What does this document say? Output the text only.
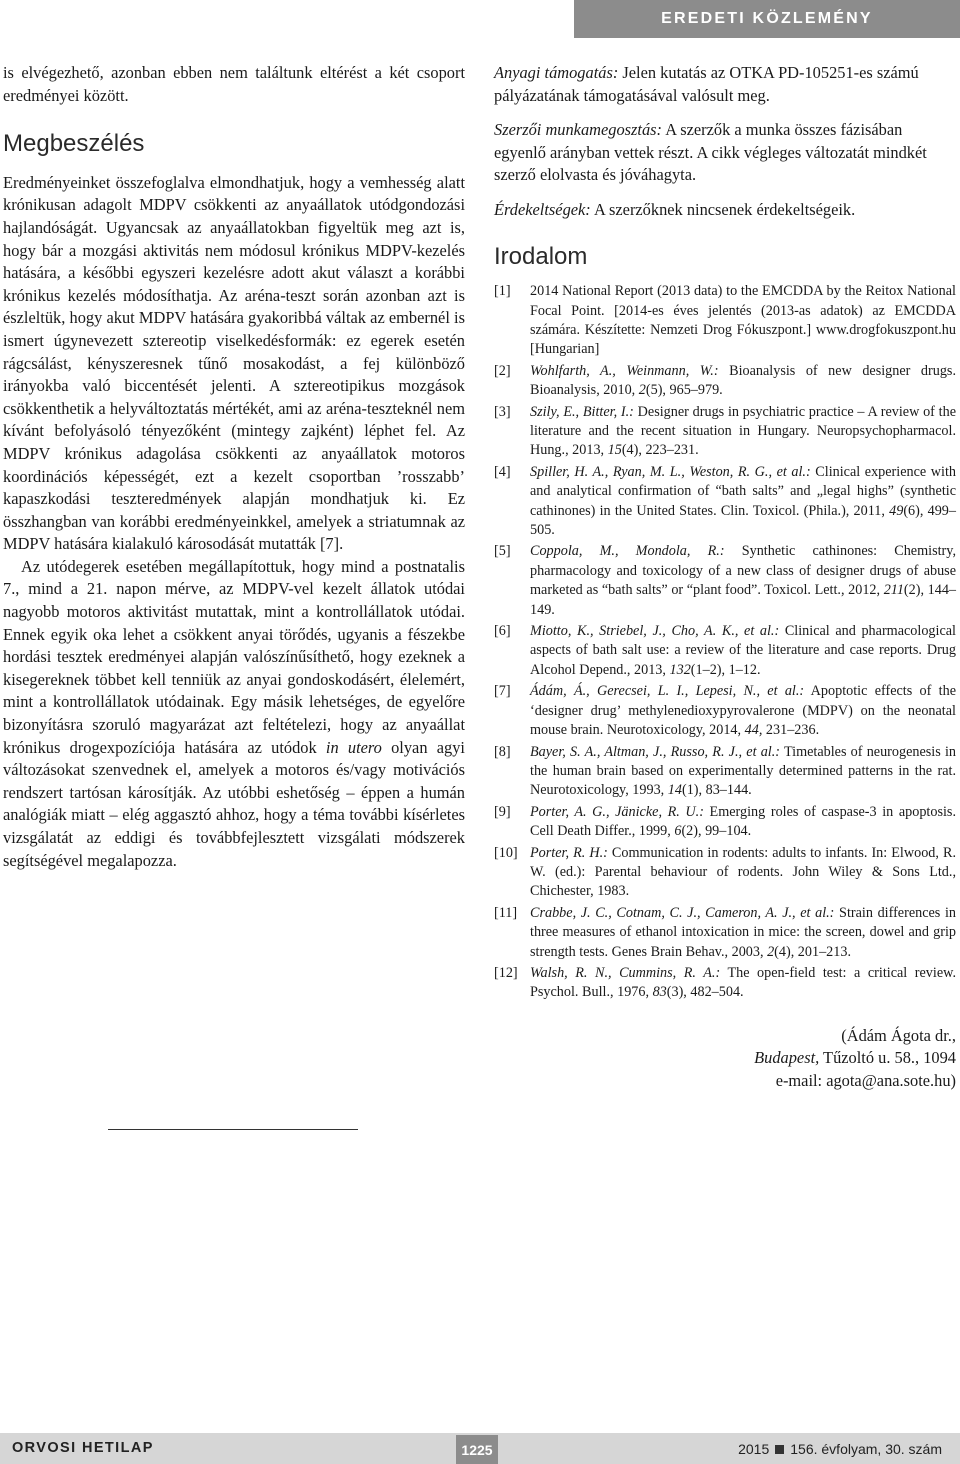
EREDETI KÖZLEMÉNY

is elvégezhető, azonban ebben nem találtunk eltérést a két csoport eredményei között.

Megbeszélés

Eredményeinket összefoglalva elmondhatjuk, hogy a vemhesség alatt krónikusan adagolt MDPV csökkenti az anyaállatok utódgondozási hajlandóságát. Ugyancsak az anyaállatokban figyeltük meg azt is, hogy bár a mozgási aktivitás nem módosul krónikus MDPV-kezelés hatására, a későbbi egyszeri kezelésre adott akut választ a korábbi krónikus kezelés módosíthatja. Az aréna-teszt során azonban azt is észleltük, hogy akut MDPV hatására gyakoribbá váltak az embernél is ismert úgynevezett sztereotip viselkedésformák: ez egerek esetén rágcsálást, kényszeresnek tűnő mosakodást, a fej különböző irányokba való biccentését jelenti. A sztereotipikus mozgások csökkenthetik a helyváltoztatás mértékét, ami az aréna-teszteknél nem kívánt befolyásoló tényezőként (mintegy zajként) léphet fel. Az MDPV krónikus adagolása csökkenti az anyaállatok motoros koordinációs képességét, ezt a kezelt csoportban ’rosszabb’ kapaszkodási teszteredmények alapján mondhatjuk ki. Ez összhangban van korábbi eredményeinkkel, amelyek a striatumnak az MDPV hatására kialakuló károsodását mutatták [7].

Az utódegerek esetében megállapítottuk, hogy mind a postnatalis 7., mind a 21. napon mérve, az MDPV-vel kezelt állatok utódai nagyobb motoros aktivitást mutattak, mint a kontrollállatok utódai. Ennek egyik oka lehet a csökkent anyai törődés, ugyanis a fészekbe hordási tesztek eredményei alapján valószínűsíthető, hogy ezeknek a kisegereknek többet kell tenniük az anyai gondoskodásért, élelemért, mint a kontrollállatok utódainak. Egy másik lehetséges, de egyelőre bizonyításra szoruló magyarázat azt feltételezi, hogy az anyaállat krónikus drogexpozíciója hatására az utódok in utero olyan agyi változásokat szenvednek el, amelyek a motoros és/vagy motivációs rendszert tartósan károsítják. Az utóbbi eshetőség – éppen a humán analógiák miatt – elég aggasztó ahhoz, hogy a téma további kísérletes vizsgálatát az eddigi és továbbfejlesztett vizsgálati módszerek segítségével megalapozza.

Anyagi támogatás: Jelen kutatás az OTKA PD-105251-es számú pályázatának támogatásával valósult meg.

Szerzői munkamegosztás: A szerzők a munka összes fázisában egyenlő arányban vettek részt. A cikk végleges változatát mindkét szerző elolvasta és jóváhagyta.

Érdekeltségek: A szerzőknek nincsenek érdekeltségeik.

Irodalom
[1]	2014 National Report (2013 data) to the EMCDDA by the Reitox National Focal Point. [2014-es éves jelentés (2013-as adatok) az EMCDDA számára. Készítette: Nemzeti Drog Fókuszpont.] www.drogfokuszpont.hu [Hungarian]
[2]	Wohlfarth, A., Weinmann, W.: Bioanalysis of new designer drugs. Bioanalysis, 2010, 2(5), 965–979.
[3]	Szily, E., Bitter, I.: Designer drugs in psychiatric practice – A review of the literature and the recent situation in Hungary. Neuropsychopharmacol. Hung., 2013, 15(4), 223–231.
[4]	Spiller, H. A., Ryan, M. L., Weston, R. G., et al.: Clinical experience with and analytical confirmation of “bath salts” and „legal highs” (synthetic cathinones) in the United States. Clin. Toxicol. (Phila.), 2011, 49(6), 499–505.
[5]	Coppola, M., Mondola, R.: Synthetic cathinones: Chemistry, pharmacology and toxicology of a new class of designer drugs of abuse marketed as “bath salts” or “plant food”. Toxicol. Lett., 2012, 211(2), 144–149.
[6]	Miotto, K., Striebel, J., Cho, A. K., et al.: Clinical and pharmacological aspects of bath salt use: a review of the literature and case reports. Drug Alcohol Depend., 2013, 132(1–2), 1–12.
[7]	Ádám, Á., Gerecsei, L. I., Lepesi, N., et al.: Apoptotic effects of the ‘designer drug’ methylenedioxypyrovalerone (MDPV) on the neonatal mouse brain. Neurotoxicology, 2014, 44, 231–236.
[8]	Bayer, S. A., Altman, J., Russo, R. J., et al.: Timetables of neurogenesis in the human brain based on experimentally determined patterns in the rat. Neurotoxicology, 1993, 14(1), 83–144.
[9]	Porter, A. G., Jänicke, R. U.: Emerging roles of caspase-3 in apoptosis. Cell Death Differ., 1999, 6(2), 99–104.
[10] Porter, R. H.: Communication in rodents: adults to infants. In: Elwood, R. W. (ed.): Parental behaviour of rodents. John Wiley & Sons Ltd., Chichester, 1983.
[11] Crabbe, J. C., Cotnam, C. J., Cameron, A. J., et al.: Strain differences in three measures of ethanol intoxication in mice: the screen, dowel and grip strength tests. Genes Brain Behav., 2003, 2(4), 201–213.
[12] Walsh, R. N., Cummins, R. A.: The open-field test: a critical review. Psychol. Bull., 1976, 83(3), 482–504.
(Ádám Ágota dr.,
Budapest, Tűzoltó u. 58., 1094
e-mail: agota@ana.sote.hu)
ORVOSI HETILAP	1225	2015 156. évfolyam, 30. szám
